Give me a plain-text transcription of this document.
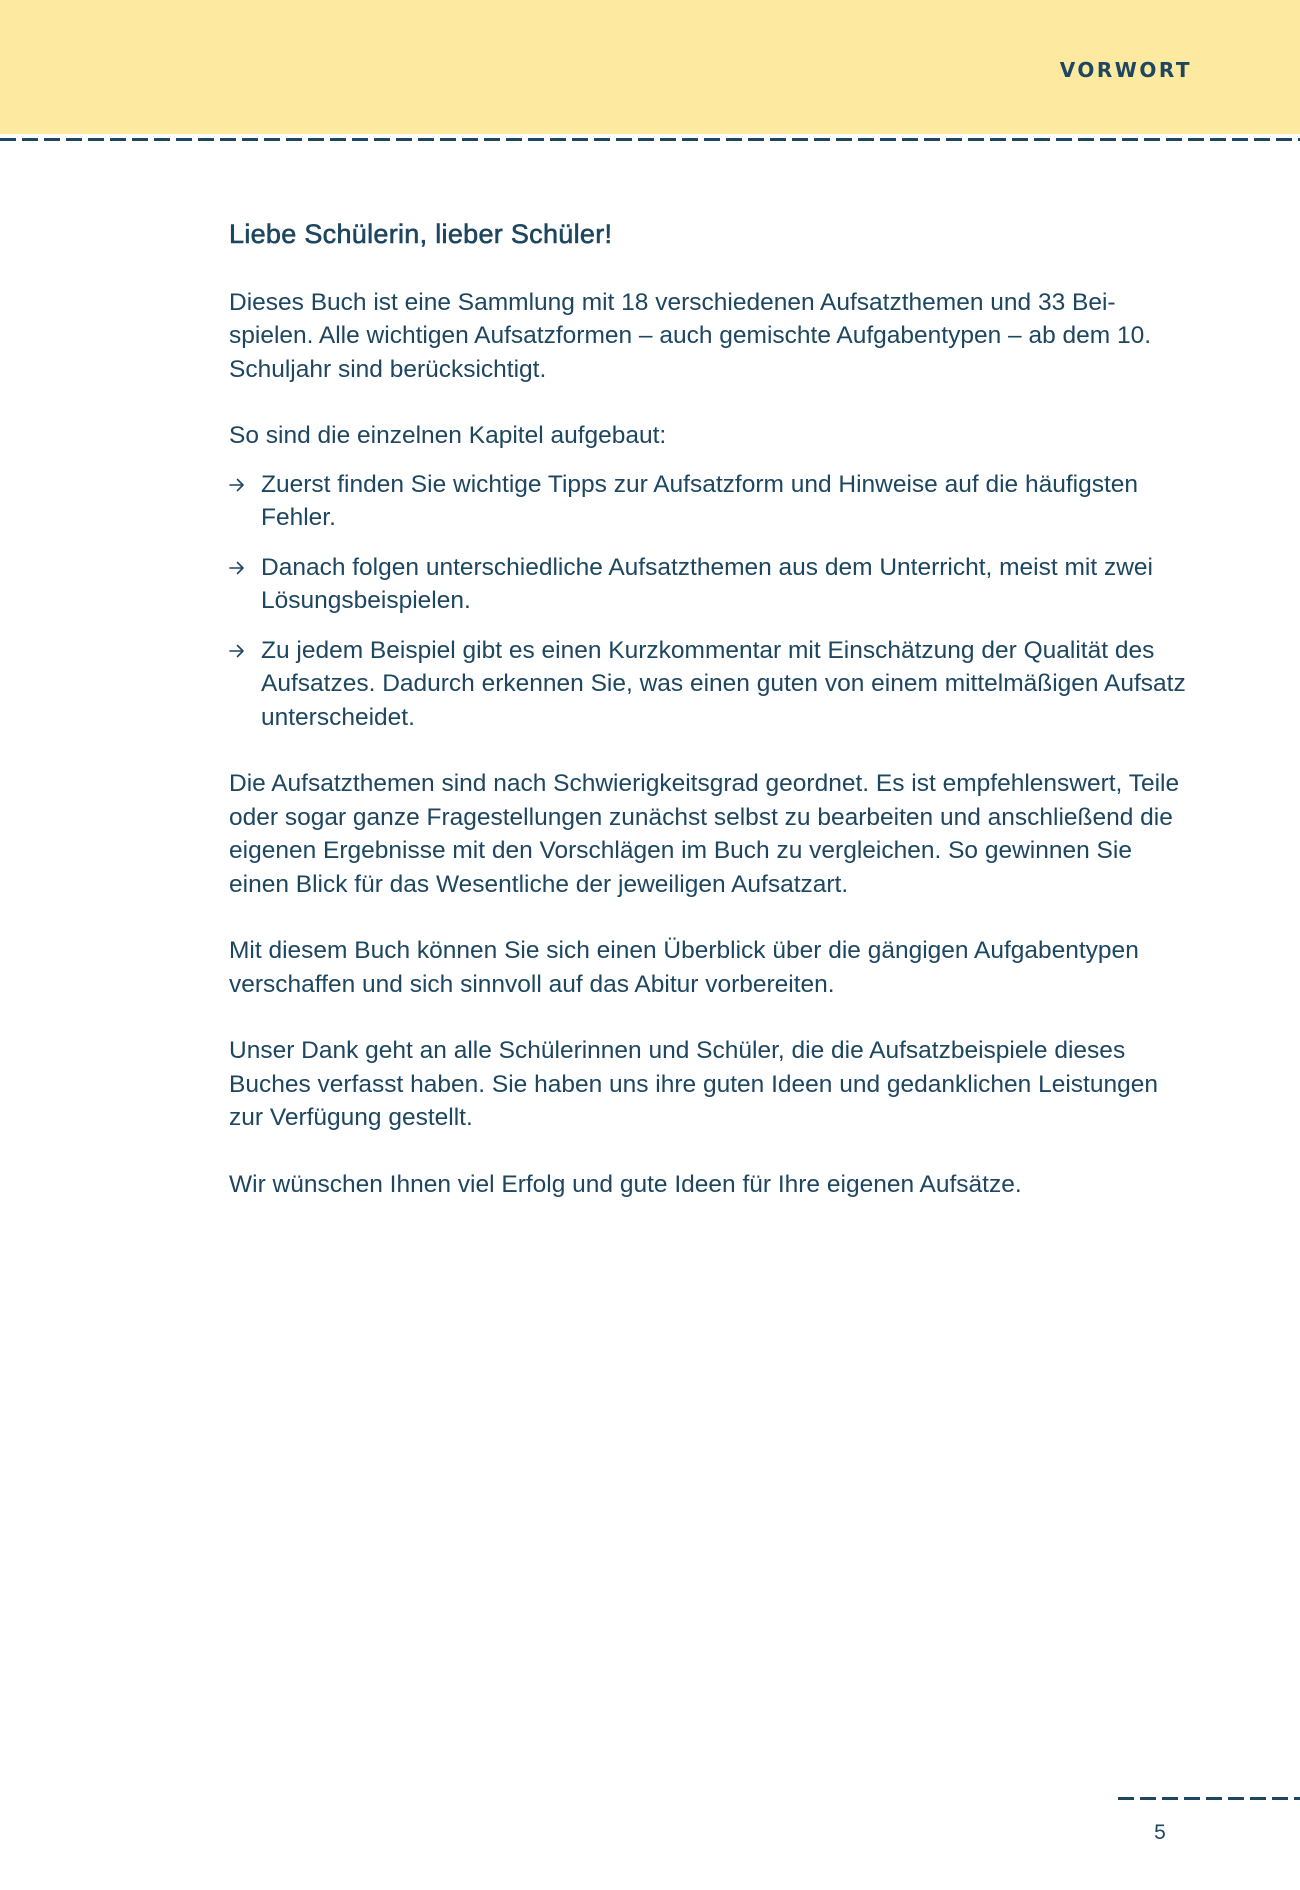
VORWORT
Liebe Schülerin, lieber Schüler!

Dieses Buch ist eine Sammlung mit 18 verschiedenen Aufsatzthemen und 33 Beispielen. Alle wichtigen Aufsatzformen – auch gemischte Aufgabentypen – ab dem 10. Schuljahr sind berücksichtigt.

So sind die einzelnen Kapitel aufgebaut:

Zuerst finden Sie wichtige Tipps zur Aufsatzform und Hinweise auf die häufigsten Fehler.
Danach folgen unterschiedliche Aufsatzthemen aus dem Unterricht, meist mit zwei Lösungsbeispielen.
Zu jedem Beispiel gibt es einen Kurzkommentar mit Einschätzung der Qualität des Aufsatzes. Dadurch erkennen Sie, was einen guten von einem mittelmäßigen Aufsatz unterscheidet.

Die Aufsatzthemen sind nach Schwierigkeitsgrad geordnet. Es ist empfehlenswert, Teile oder sogar ganze Fragestellungen zunächst selbst zu bearbeiten und anschließend die eigenen Ergebnisse mit den Vorschlägen im Buch zu vergleichen. So gewinnen Sie einen Blick für das Wesentliche der jeweiligen Aufsatzart.

Mit diesem Buch können Sie sich einen Überblick über die gängigen Aufgabentypen verschaffen und sich sinnvoll auf das Abitur vorbereiten.

Unser Dank geht an alle Schülerinnen und Schüler, die die Aufsatzbeispiele dieses Buches verfasst haben. Sie haben uns ihre guten Ideen und gedanklichen Leistungen zur Verfügung gestellt.

Wir wünschen Ihnen viel Erfolg und gute Ideen für Ihre eigenen Aufsätze.

5
